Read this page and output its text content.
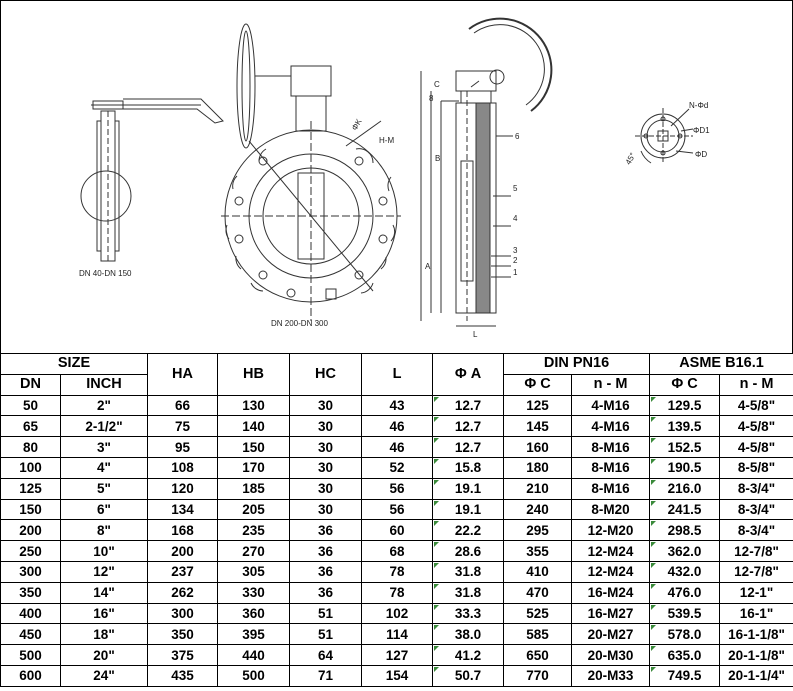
DN 40-DN 150
ΦK
H-M
DN 200-DN 300
A
B
C
L
8
6
5
4
3
2
1
N-Φd
ΦD1
ΦD
45°
SIZE		HA	HB	HC	L	Φ A	DIN PN16		ASME B16.1	
DN	INCH						Φ C	n - M	Φ C	n - M
50	2"	66	130	30	43	12.7	125	4-M16	129.5	4-5/8"
65	2-1/2"	75	140	30	46	12.7	145	4-M16	139.5	4-5/8"
80	3"	95	150	30	46	12.7	160	8-M16	152.5	4-5/8"
100	4"	108	170	30	52	15.8	180	8-M16	190.5	8-5/8"
125	5"	120	185	30	56	19.1	210	8-M16	216.0	8-3/4"
150	6"	134	205	30	56	19.1	240	8-M20	241.5	8-3/4"
200	8"	168	235	36	60	22.2	295	12-M20	298.5	8-3/4"
250	10"	200	270	36	68	28.6	355	12-M24	362.0	12-7/8"
300	12"	237	305	36	78	31.8	410	12-M24	432.0	12-7/8"
350	14"	262	330	36	78	31.8	470	16-M24	476.0	12-1"
400	16"	300	360	51	102	33.3	525	16-M27	539.5	16-1"
450	18"	350	395	51	114	38.0	585	20-M27	578.0	16-1-1/8"
500	20"	375	440	64	127	41.2	650	20-M30	635.0	20-1-1/8"
600	24"	435	500	71	154	50.7	770	20-M33	749.5	20-1-1/4"
